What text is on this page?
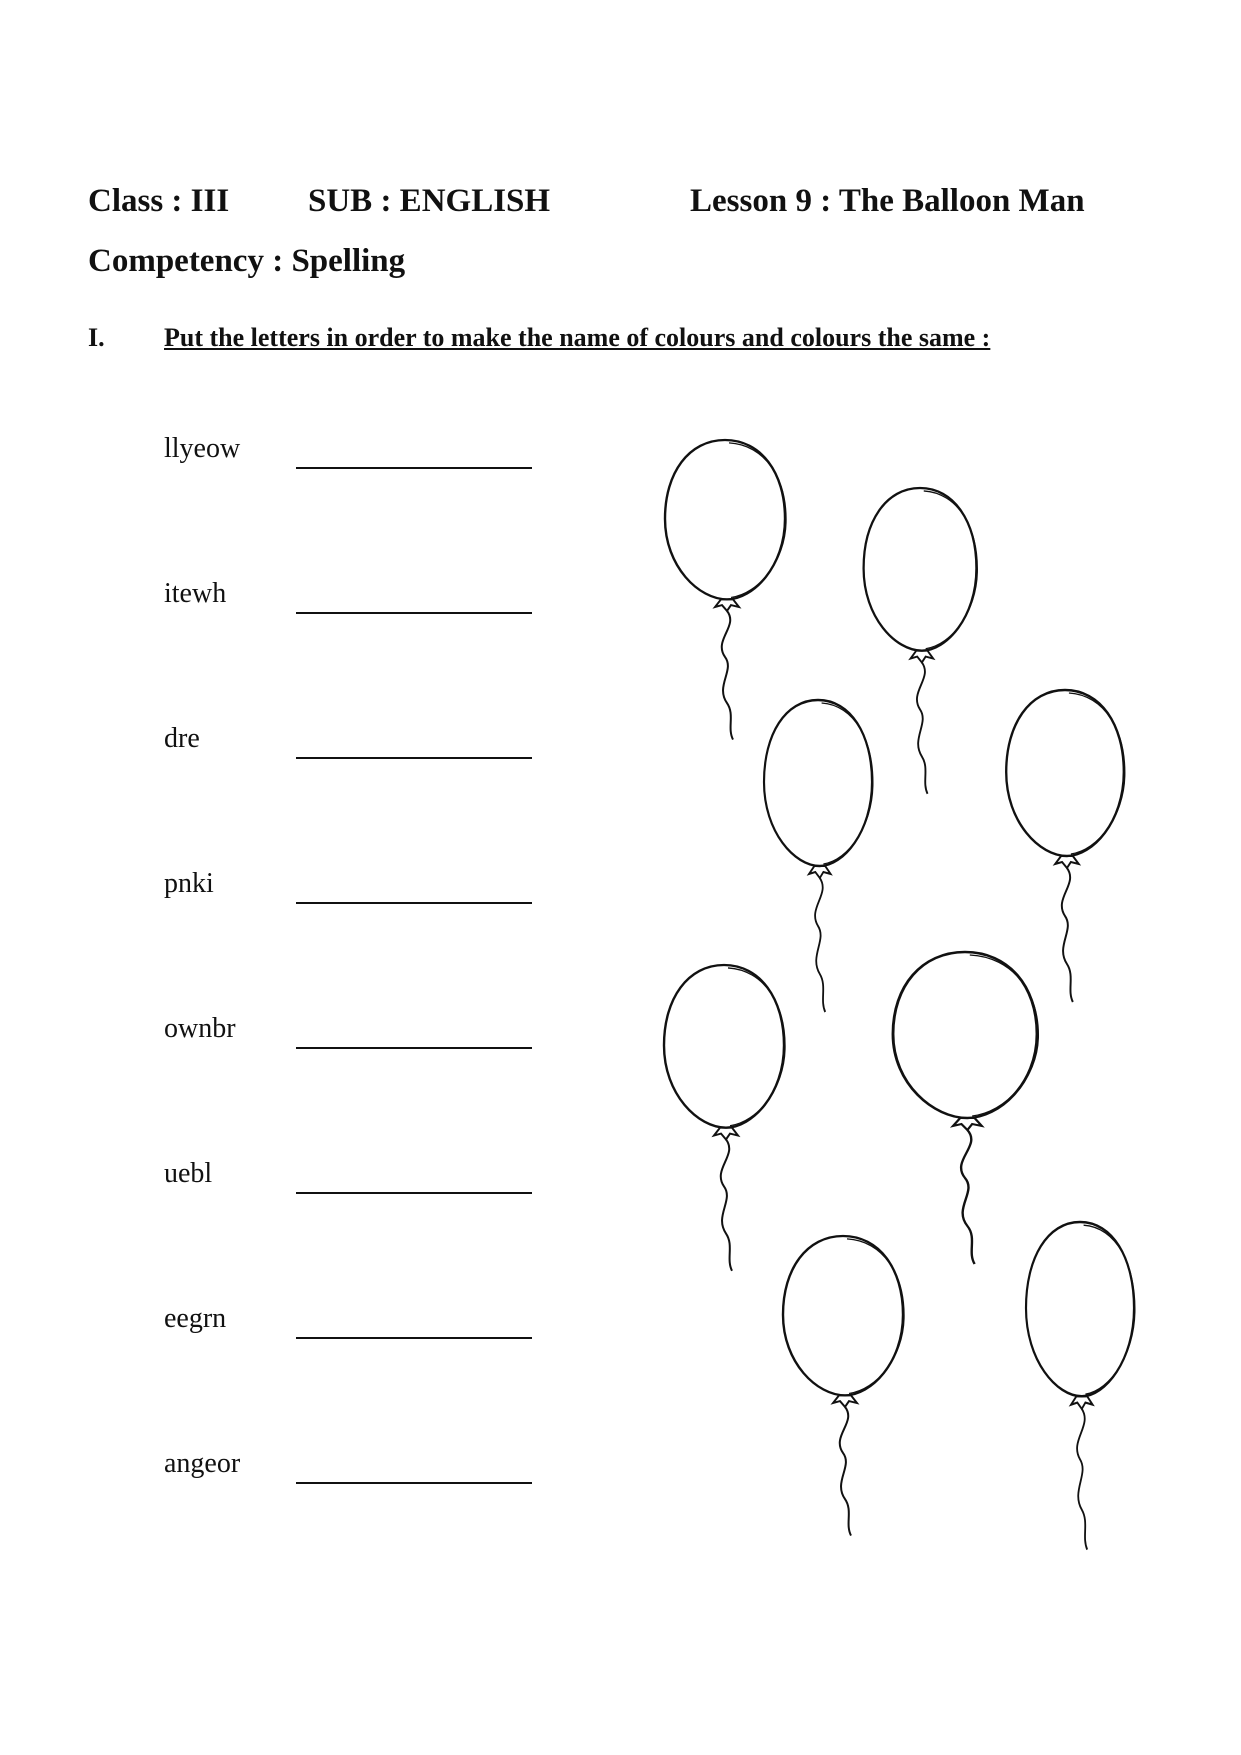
Class : III SUB : ENGLISH	Lesson 9 : The Balloon Man
Competency : Spelling
I. Put the letters in order to make the name of colours and colours the same :
llyeow
itewh
dre
pnki
ownbr
uebl
eegrn
angeor
